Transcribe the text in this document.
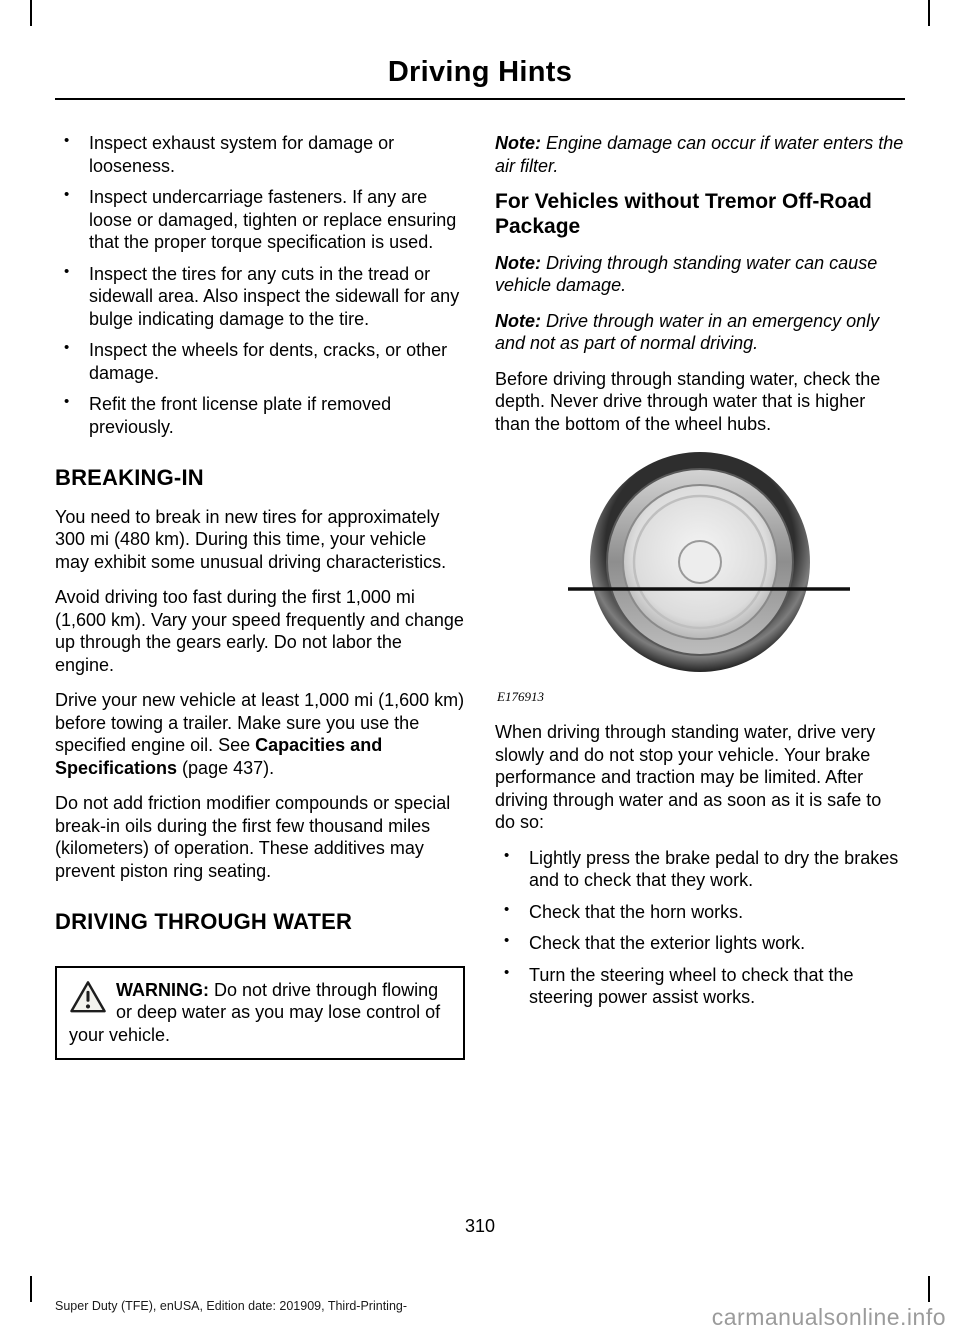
Driving Hints
•	Inspect exhaust system for damage or looseness.
•	Inspect undercarriage fasteners. If any are loose or damaged, tighten or replace ensuring that the proper torque specification is used.
•	Inspect the tires for any cuts in the tread or sidewall area. Also inspect the sidewall for any bulge indicating damage to the tire.
•	Inspect the wheels for dents, cracks, or other damage.
•	Refit the front license plate if removed previously.
BREAKING-IN

You need to break in new tires for approximately 300 mi (480 km). During this time, your vehicle may exhibit some unusual driving characteristics.

Avoid driving too fast during the first 1,000 mi (1,600 km). Vary your speed frequently and change up through the gears early. Do not labor the engine.

Drive your new vehicle at least 1,000 mi (1,600 km) before towing a trailer. Make sure you use the specified engine oil. See Capacities and Specifications (page 437).

Do not add friction modifier compounds or special break-in oils during the first few thousand miles (kilometers) of operation. These additives may prevent piston ring seating.

DRIVING THROUGH WATER

WARNING: Do not drive through flowing or deep water as you may lose control of your vehicle.

Note: Engine damage can occur if water enters the air filter.

For Vehicles without Tremor Off-Road Package

Note: Driving through standing water can cause vehicle damage.

Note: Drive through water in an emergency only and not as part of normal driving.

Before driving through standing water, check the depth. Never drive through water that is higher than the bottom of the wheel hubs.

E176913

When driving through standing water, drive very slowly and do not stop your vehicle. Your brake performance and traction may be limited. After driving through water and as soon as it is safe to do so:

•	Lightly press the brake pedal to dry the brakes and to check that they work.
•	Check that the horn works.
•	Check that the exterior lights work.
•	Turn the steering wheel to check that the steering power assist works.
310
Super Duty (TFE), enUSA, Edition date: 201909, Third-Printing-	carmanualsonline.info
